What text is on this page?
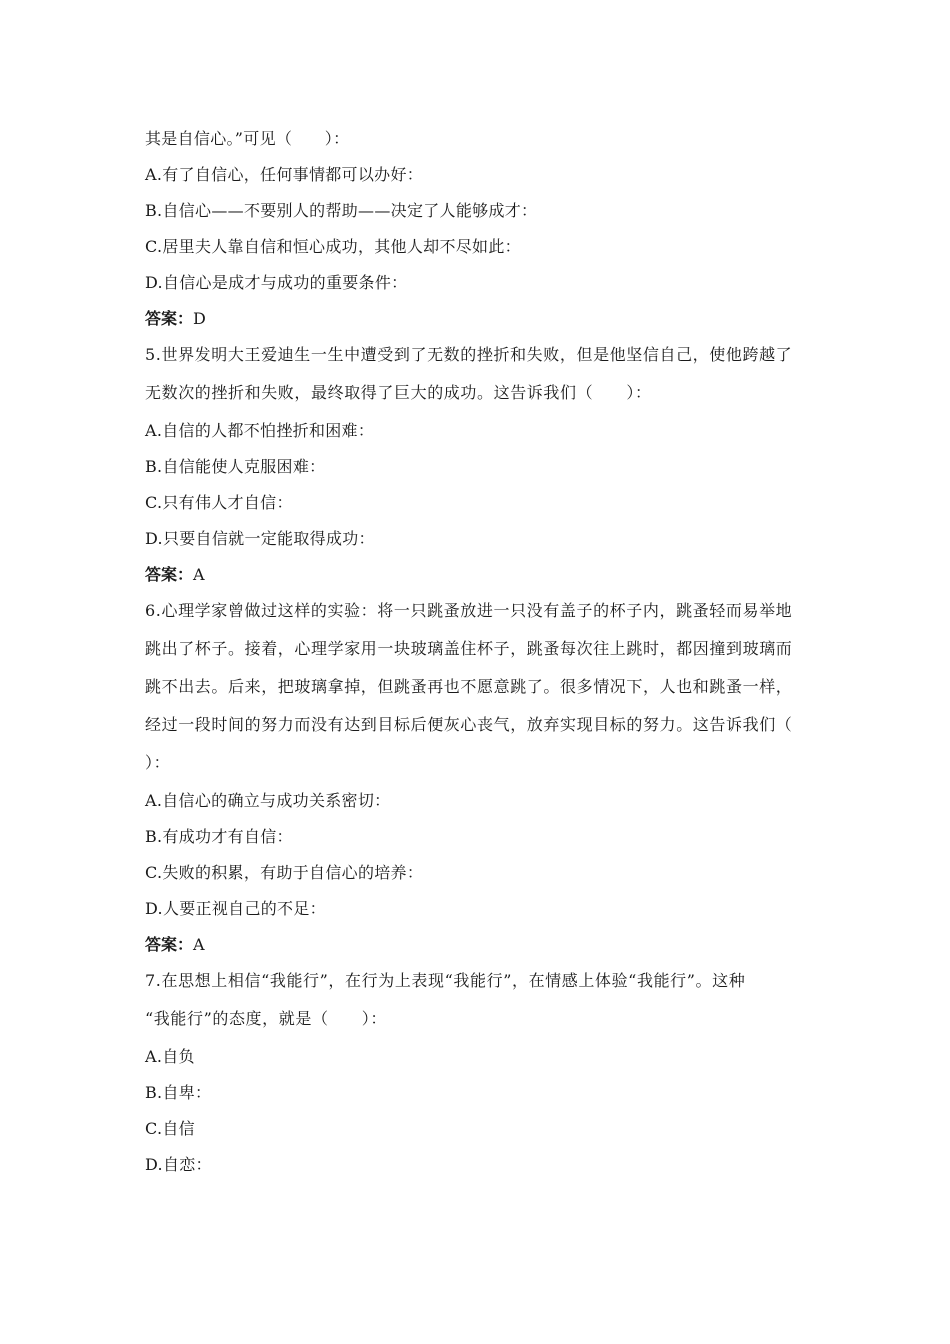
其是自信心。”可见（　　）：
A.有了自信心，任何事情都可以办好：
B.自信心——不要别人的帮助——决定了人能够成才：
C.居里夫人靠自信和恒心成功，其他人却不尽如此：
D.自信心是成才与成功的重要条件：
答案：D
5.世界发明大王爱迪生一生中遭受到了无数的挫折和失败，但是他坚信自己，使他跨越了
无数次的挫折和失败，最终取得了巨大的成功。这告诉我们（　　）：
A.自信的人都不怕挫折和困难：
B.自信能使人克服困难：
C.只有伟人才自信：
D.只要自信就一定能取得成功：
答案：A
6.心理学家曾做过这样的实验：将一只跳蚤放进一只没有盖子的杯子内，跳蚤轻而易举地
跳出了杯子。接着，心理学家用一块玻璃盖住杯子，跳蚤每次往上跳时，都因撞到玻璃而
跳不出去。后来，把玻璃拿掉，但跳蚤再也不愿意跳了。很多情况下，人也和跳蚤一样，
经过一段时间的努力而没有达到目标后便灰心丧气，放弃实现目标的努力。这告诉我们（
）：
A.自信心的确立与成功关系密切：
B.有成功才有自信：
C.失败的积累，有助于自信心的培养：
D.人要正视自己的不足：
答案：A
7.在思想上相信“我能行”，在行为上表现“我能行”，在情感上体验“我能行”。这种
“我能行”的态度，就是（　　）：
A.自负
B.自卑：
C.自信
D.自恋：
